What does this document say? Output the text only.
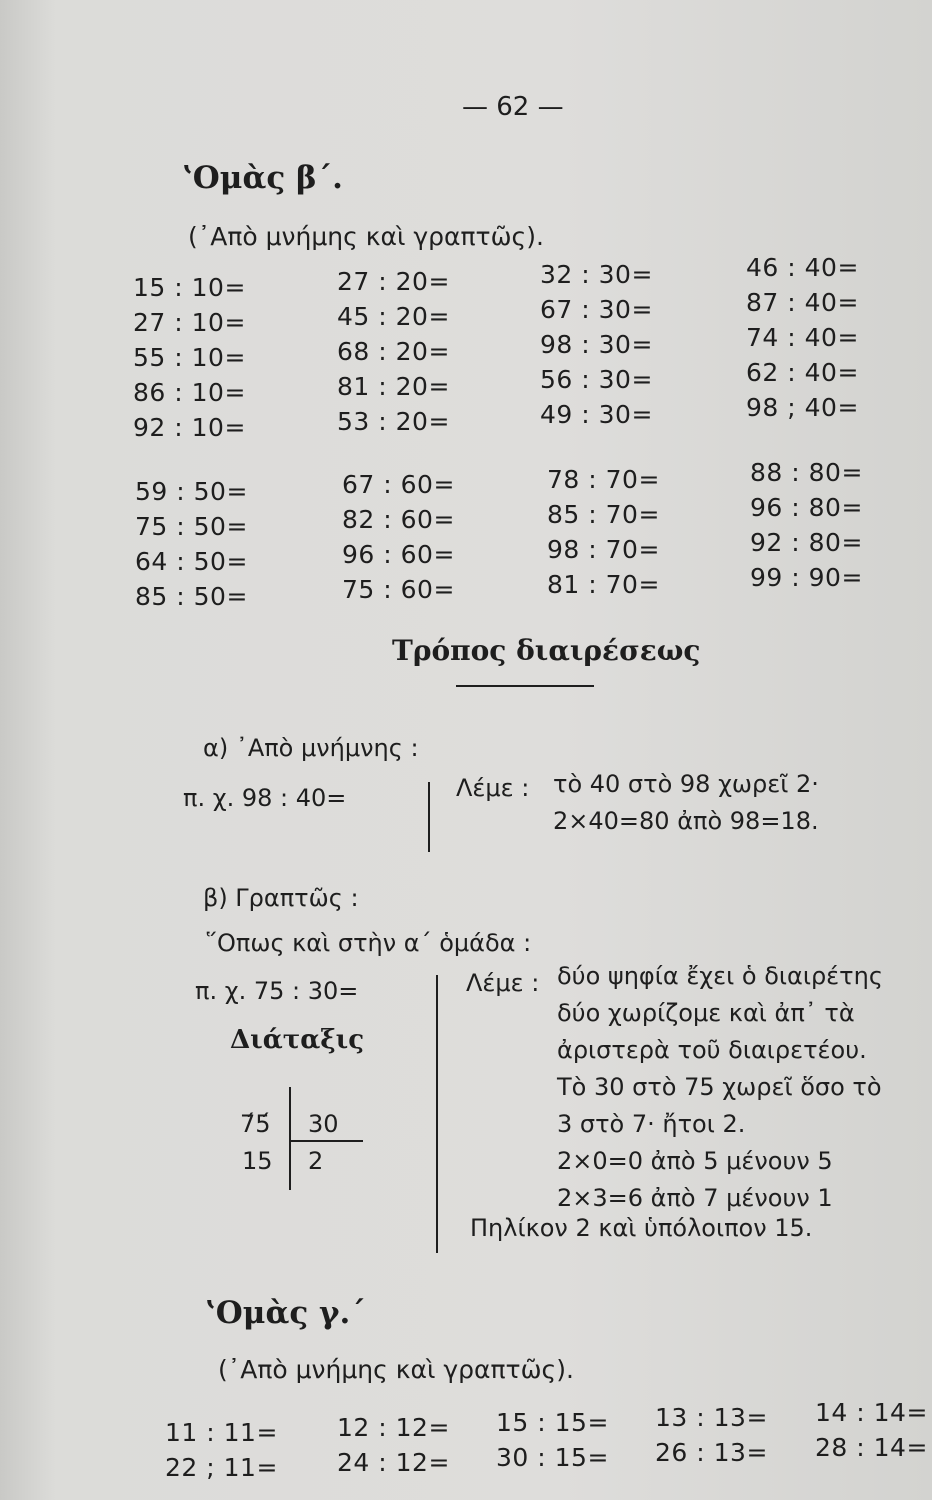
— 62 —
ʽΟμὰς β΄.
(᾿Απὸ μνήμης καὶ γραπτῶς).
15 : 10=
27 : 10=
55 : 10=
86 : 10=
92 : 10=
27 : 20=
45 : 20=
68 : 20=
81 : 20=
53 : 20=
32 : 30=
67 : 30=
98 : 30=
56 : 30=
49 : 30=
46 : 40=
87 : 40=
74 : 40=
62 : 40=
98 ; 40=
59 : 50=
75 : 50=
64 : 50=
85 : 50=
67 : 60=
82 : 60=
96 : 60=
75 : 60=
78 : 70=
85 : 70=
98 : 70=
81 : 70=
88 : 80=
96 : 80=
92 : 80=
99 : 90=
Τρόπος διαιρέσεως
α) ᾿Απὸ μνήμνης :
π. χ. 98 : 40=	Λέμε : τὸ 40 στὸ 98 χωρεῖ 2·
2×40=80 ἀπὸ 98=18.
β) Γραπτῶς :
῞Οπως καὶ στὴν α΄ ὁμάδα :
π. χ. 75 : 30=
Διάταξις
7́5́ 30
15 2
Λέμε : δύο ψηφία ἔχει ὁ διαιρέτης
δύο χωρίζομε καὶ ἀπ᾿ τὰ
ἀριστερὰ τοῦ διαιρετέου.
Τὸ 30 στὸ 75 χωρεῖ ὅσο τὸ
3 στὸ 7· ἤτοι 2.
2×0=0 ἀπὸ 5 μένουν 5
2×3=6 ἀπὸ 7 μένουν 1
Πηλίκον 2 καὶ ὑπόλοιπον 15.
ʽΟμὰς γ.΄
(᾿Απὸ μνήμης καὶ γραπτῶς).
11 : 11=
22 ; 11=
12 : 12=
24 : 12=
15 : 15=
30 : 15=
13 : 13=
26 : 13=
14 : 14=
28 : 14=
